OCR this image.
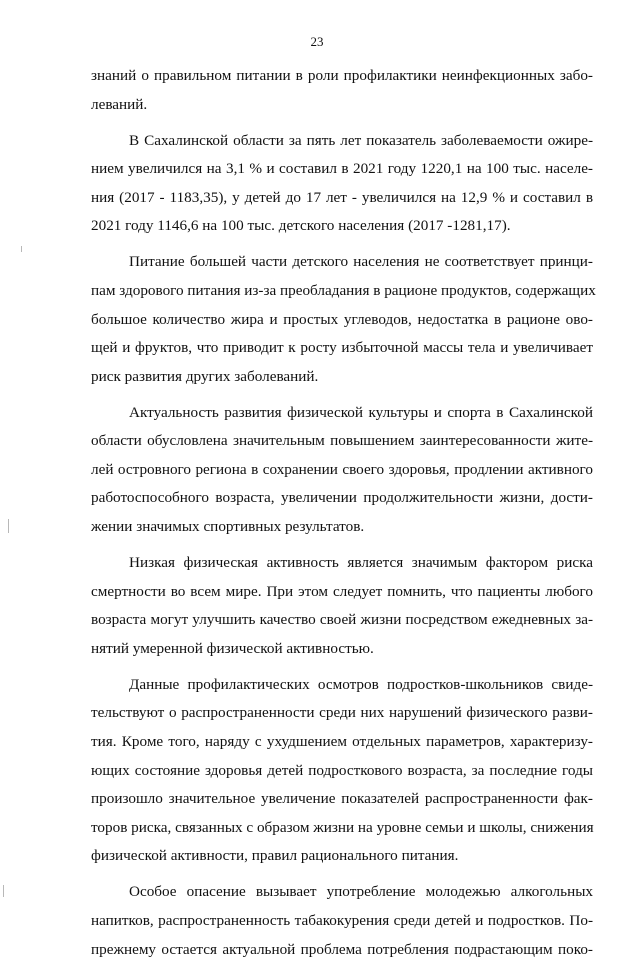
23
знаний о правильном питании в роли профилактики неинфекционных забо-
леваний.
В Сахалинской области за пять лет показатель заболеваемости ожире-
нием увеличился на 3,1 % и составил в 2021 году 1220,1 на 100 тыс. населе-
ния (2017 - 1183,35), у детей до 17 лет - увеличился на 12,9 % и составил в
2021 году 1146,6 на 100 тыс. детского населения (2017 -1281,17).
Питание большей части детского населения не соответствует принци-
пам здорового питания из-за преобладания в рационе продуктов, содержащих
большое количество жира и простых углеводов, недостатка в рационе ово-
щей и фруктов, что приводит к росту избыточной массы тела и увеличивает
риск развития других заболеваний.
Актуальность развития физической культуры и спорта в Сахалинской
области обусловлена значительным повышением заинтересованности жите-
лей островного региона в сохранении своего здоровья, продлении активного
работоспособного возраста, увеличении продолжительности жизни, дости-
жении значимых спортивных результатов.
Низкая физическая активность является значимым фактором риска
смертности во всем мире. При этом следует помнить, что пациенты любого
возраста могут улучшить качество своей жизни посредством ежедневных за-
нятий умеренной физической активностью.
Данные профилактических осмотров подростков-школьников свиде-
тельствуют о распространенности среди них нарушений физического разви-
тия. Кроме того, наряду с ухудшением отдельных параметров, характеризу-
ющих состояние здоровья детей подросткового возраста, за последние годы
произошло значительное увеличение показателей распространенности фак-
торов риска, связанных с образом жизни на уровне семьи и школы, снижения
физической активности, правил рационального питания.
Особое опасение вызывает употребление молодежью алкогольных
напитков, распространенность табакокурения среди детей и подростков. По-
прежнему остается актуальной проблема потребления подрастающим поко-
